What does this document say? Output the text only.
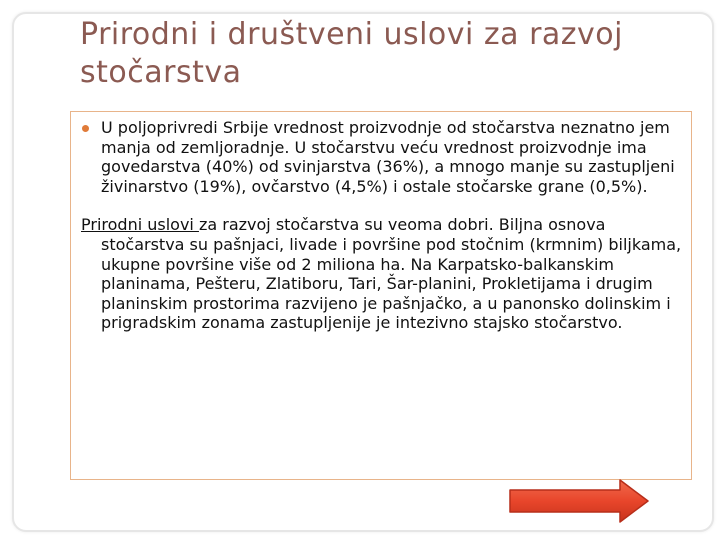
Prirodni i društveni uslovi za razvoj stočarstva

U poljoprivredi Srbije vrednost proizvodnje od stočarstva neznatno jem manja od zemljoradnje. U stočarstvu veću vrednost proizvodnje ima govedarstva (40%) od svinjarstva (36%), a mnogo manje su zastupljeni živinarstvo (19%), ovčarstvo (4,5%) i ostale stočarske grane (0,5%).

Prirodni uslovi za razvoj stočarstva su veoma dobri. Biljna osnova stočarstva su pašnjaci, livade i površine pod stočnim (krmnim) biljkama, ukupne površine više od 2 miliona ha. Na Karpatsko-balkanskim planinama, Pešteru, Zlatiboru, Tari, Šar-planini, Prokletijama i drugim planinskim prostorima razvijeno je pašnjačko, a u panonsko dolinskim i prigradskim zonama zastupljenije je intezivno stajsko stočarstvo.
